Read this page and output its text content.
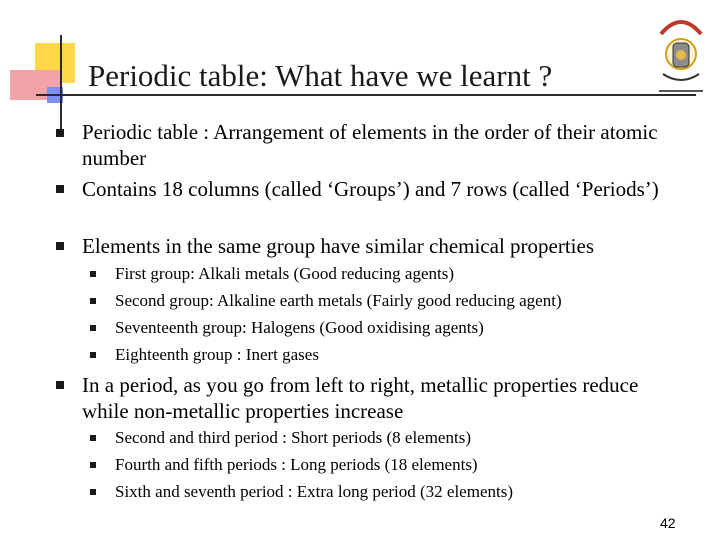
Periodic table: What have we learnt ?
Periodic table : Arrangement of elements in the order of their atomic number
Contains 18 columns (called ‘Groups’) and 7 rows (called ‘Periods’)
Elements in the same group have similar chemical properties
First group: Alkali metals (Good reducing agents)
Second group: Alkaline earth metals (Fairly good reducing agent)
Seventeenth group: Halogens (Good oxidising agents)
Eighteenth group : Inert gases
In a period, as you go from left to right, metallic properties reduce while non-metallic properties increase
Second and third period : Short periods (8 elements)
Fourth and fifth periods : Long periods (18 elements)
Sixth and seventh period : Extra long period (32 elements)
42
